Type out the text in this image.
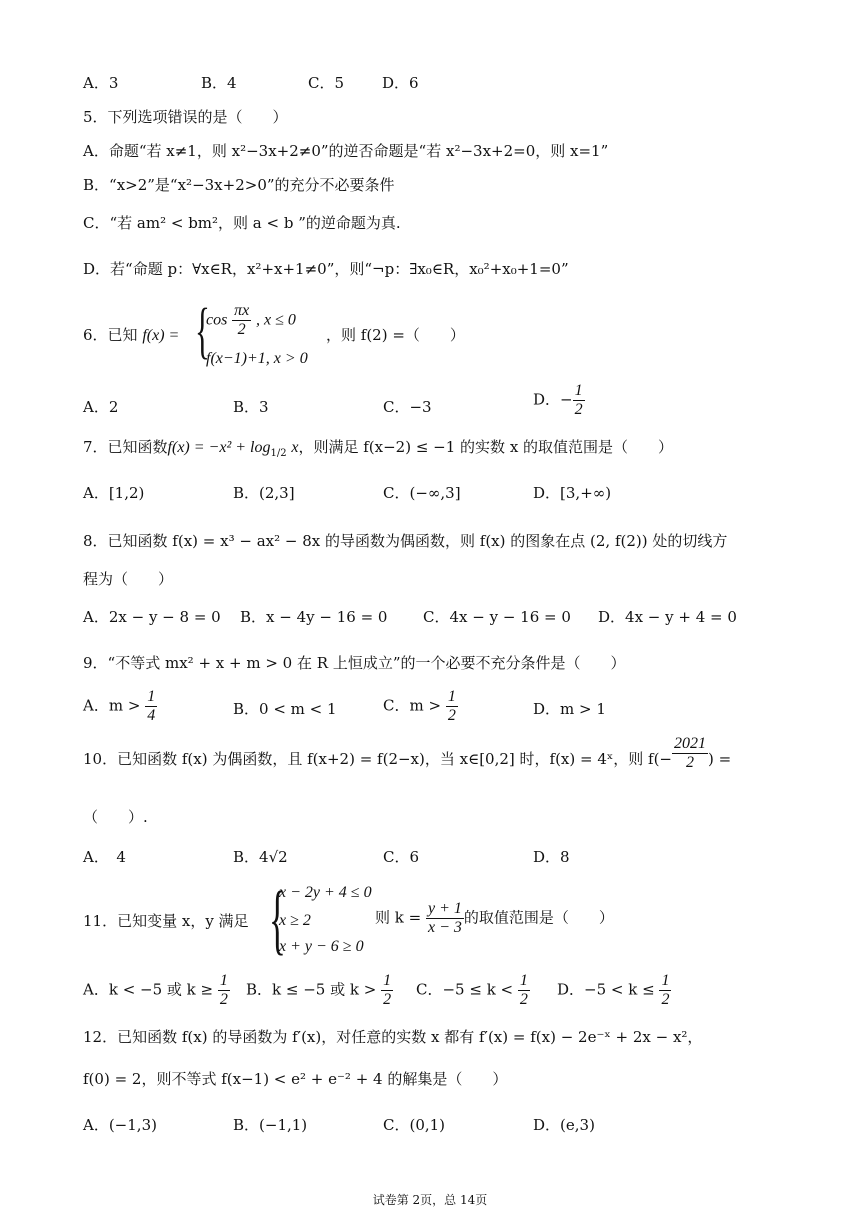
A．3	B．4	C．5	D．6
5．下列选项错误的是（　　）
A．命题“若 x≠1，则 x²−3x+2≠0”的逆否命题是“若 x²−3x+2=0，则 x=1”
B．“x>2”是“x²−3x+2>0”的充分不必要条件
C．“若 am² < bm²，则 a < b ”的逆命题为真.
D．若“命题 p：∀x∈R，x²+x+1≠0”，则“¬p：∃x₀∈R，x₀²+x₀+1=0”
6．已知 f(x) = {
$\cos \frac{\pi x}{2}$ , x ≤ 0
f(x−1)+1, x > 0
，则 f(2) =（　　）
A．2	B．3	C．−3	D．− $\frac{1}{2}$
7．已知函数$f(x) = -x^2 + \log_{1/2} x$，则满足 f(x−2) ≤ −1 的实数 x 的取值范围是（　　）
A．[1,2)	B．(2,3]	C．(−∞,3]	D．[3,+∞)
8．已知函数 f(x) = x³ − ax² − 8x 的导函数为偶函数，则 f(x) 的图象在点 (2, f(2)) 处的切线方
程为（　　）
A．2x − y − 8 = 0 B．x − 4y − 16 = 0 C．4x − y − 16 = 0 D．4x − y + 4 = 0
9．“不等式 mx² + x + m > 0 在 R 上恒成立”的一个必要不充分条件是（　　）
A．$m > \frac{1}{4}$	B．0 < m < 1	C．$m > \frac{1}{2}$	D．m > 1
10．已知函数 f(x) 为偶函数，且 f(x+2) = f(2−x)，当 x∈[0,2] 时，f(x) = 4ˣ，则 $f(- \frac{2021}{2}$ ) =
（　　）.
A．　4	B．4√2	C．6	D．8
11．已知变量 x，y 满足 {
x − 2y + 4 ≤ 0
x ≥ 2
x + y − 6 ≥ 0
则 $k = \frac{y + 1}{x - 3}$ 的取值范围是（　　）
A．k < −5 或 $k \ge \frac{1}{2}$ B．k ≤ −5 或 $k > \frac{1}{2}$ C．$-5 \le k < \frac{1}{2}$ D．$-5 < k \le \frac{1}{2}$
12．已知函数 f(x) 的导函数为 f′(x)，对任意的实数 x 都有 f′(x) = f(x) − 2e⁻ˣ + 2x − x²，
f(0) = 2，则不等式 f(x−1) < e² + e⁻² + 4 的解集是（　　）
A．(−1,3)	B．(−1,1)	C．(0,1)	D．(e,3)
试卷第 2页，总 14页
